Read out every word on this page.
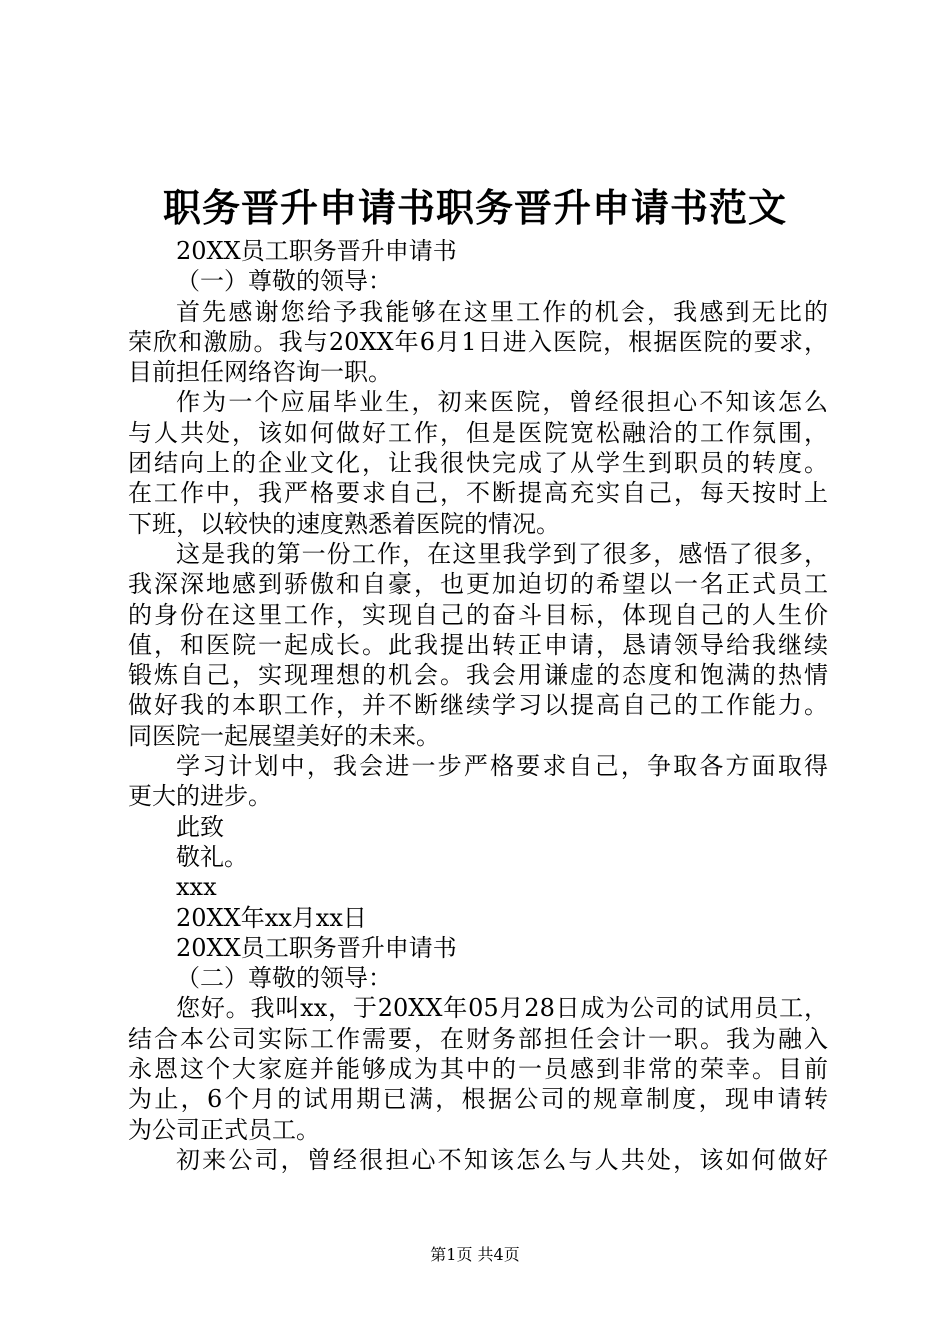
职务晋升申请书职务晋升申请书范文
20XX员工职务晋升申请书
（一）尊敬的领导：
首先感谢您给予我能够在这里工作的机会，我感到无比的
荣欣和激励。我与20XX年6月1日进入医院，根据医院的要求，
目前担任网络咨询一职。
作为一个应届毕业生，初来医院，曾经很担心不知该怎么
与人共处，该如何做好工作，但是医院宽松融洽的工作氛围，
团结向上的企业文化，让我很快完成了从学生到职员的转度。
在工作中，我严格要求自己，不断提高充实自己，每天按时上
下班，以较快的速度熟悉着医院的情况。
这是我的第一份工作，在这里我学到了很多，感悟了很多，
我深深地感到骄傲和自豪，也更加迫切的希望以一名正式员工
的身份在这里工作，实现自己的奋斗目标，体现自己的人生价
值，和医院一起成长。此我提出转正申请，恳请领导给我继续
锻炼自己，实现理想的机会。我会用谦虚的态度和饱满的热情
做好我的本职工作，并不断继续学习以提高自己的工作能力。
同医院一起展望美好的未来。
学习计划中，我会进一步严格要求自己，争取各方面取得
更大的进步。
此致
敬礼。
xxx
20XX年xx月xx日
20XX员工职务晋升申请书
（二）尊敬的领导：
您好。我叫xx，于20XX年05月28日成为公司的试用员工，
结合本公司实际工作需要，在财务部担任会计一职。我为融入
永恩这个大家庭并能够成为其中的一员感到非常的荣幸。目前
为止，6个月的试用期已满，根据公司的规章制度，现申请转
为公司正式员工。
初来公司，曾经很担心不知该怎么与人共处，该如何做好
第1页 共4页
